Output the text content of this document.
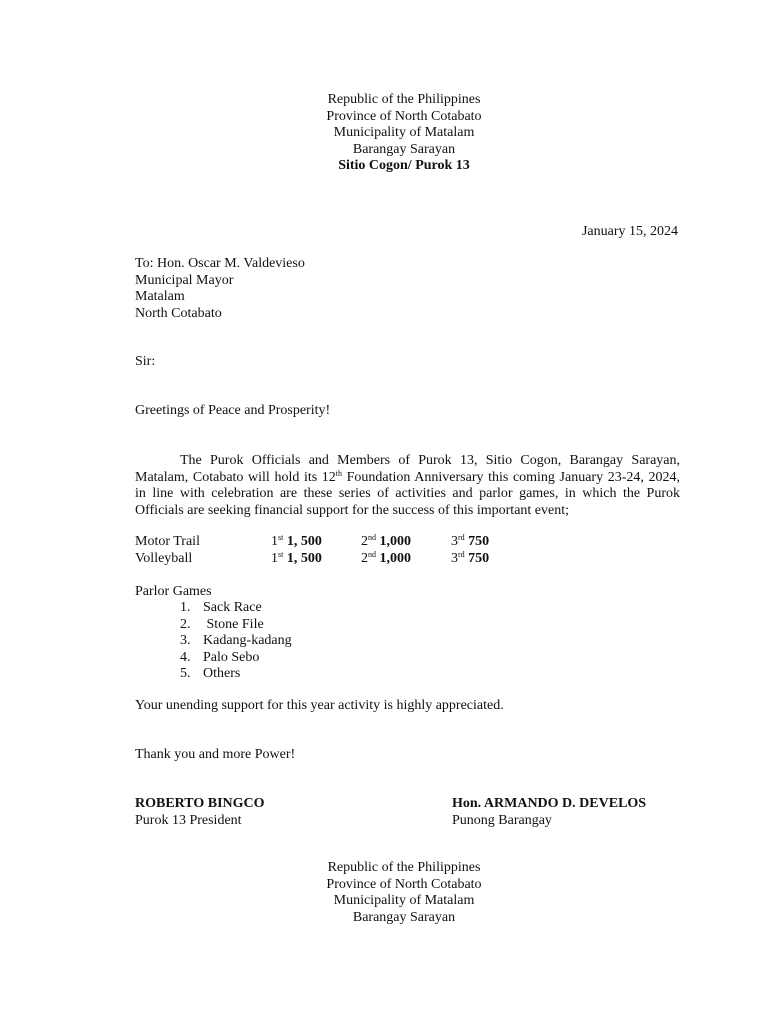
Republic of the Philippines
Province of North Cotabato
Municipality of Matalam
Barangay Sarayan
Sitio Cogon/ Purok 13
January 15, 2024
To: Hon. Oscar M. Valdevieso
Municipal Mayor
Matalam
North Cotabato
Sir:
Greetings of Peace and Prosperity!
The Purok Officials and Members of Purok 13, Sitio Cogon, Barangay Sarayan, Matalam, Cotabato will hold its 12th Foundation Anniversary this coming January 23-24, 2024, in line with celebration are these series of activities and parlor games, in which the Purok Officials are seeking financial support for the success of this important event;
Motor Trail	1st 1, 500	2nd 1,000	3rd 750
Volleyball	1st 1, 500	2nd 1,000	3rd 750
Parlor Games
1. Sack Race
2. Stone File
3. Kadang-kadang
4. Palo Sebo
5. Others
Your unending support for this year activity is highly appreciated.
Thank you and more Power!
ROBERTO BINGCO
Purok 13 President
Hon. ARMANDO D. DEVELOS
Punong Barangay
Republic of the Philippines
Province of North Cotabato
Municipality of Matalam
Barangay Sarayan
